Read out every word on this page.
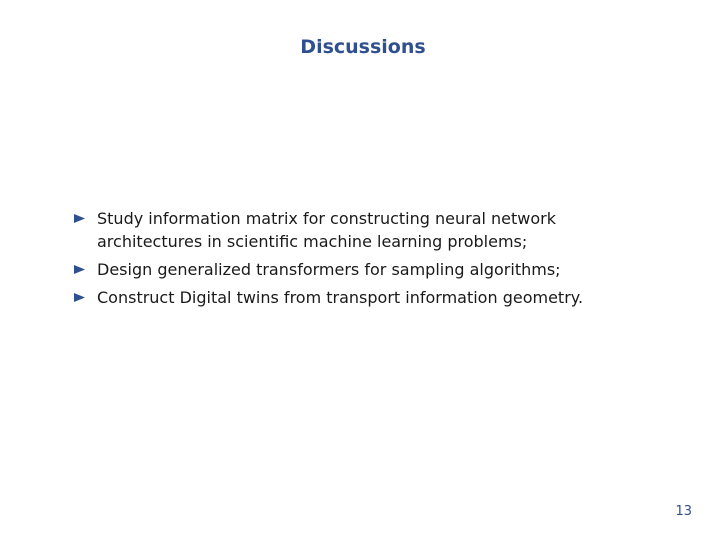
Discussions
Study information matrix for constructing neural network architectures in scientific machine learning problems;
Design generalized transformers for sampling algorithms;
Construct Digital twins from transport information geometry.
13
